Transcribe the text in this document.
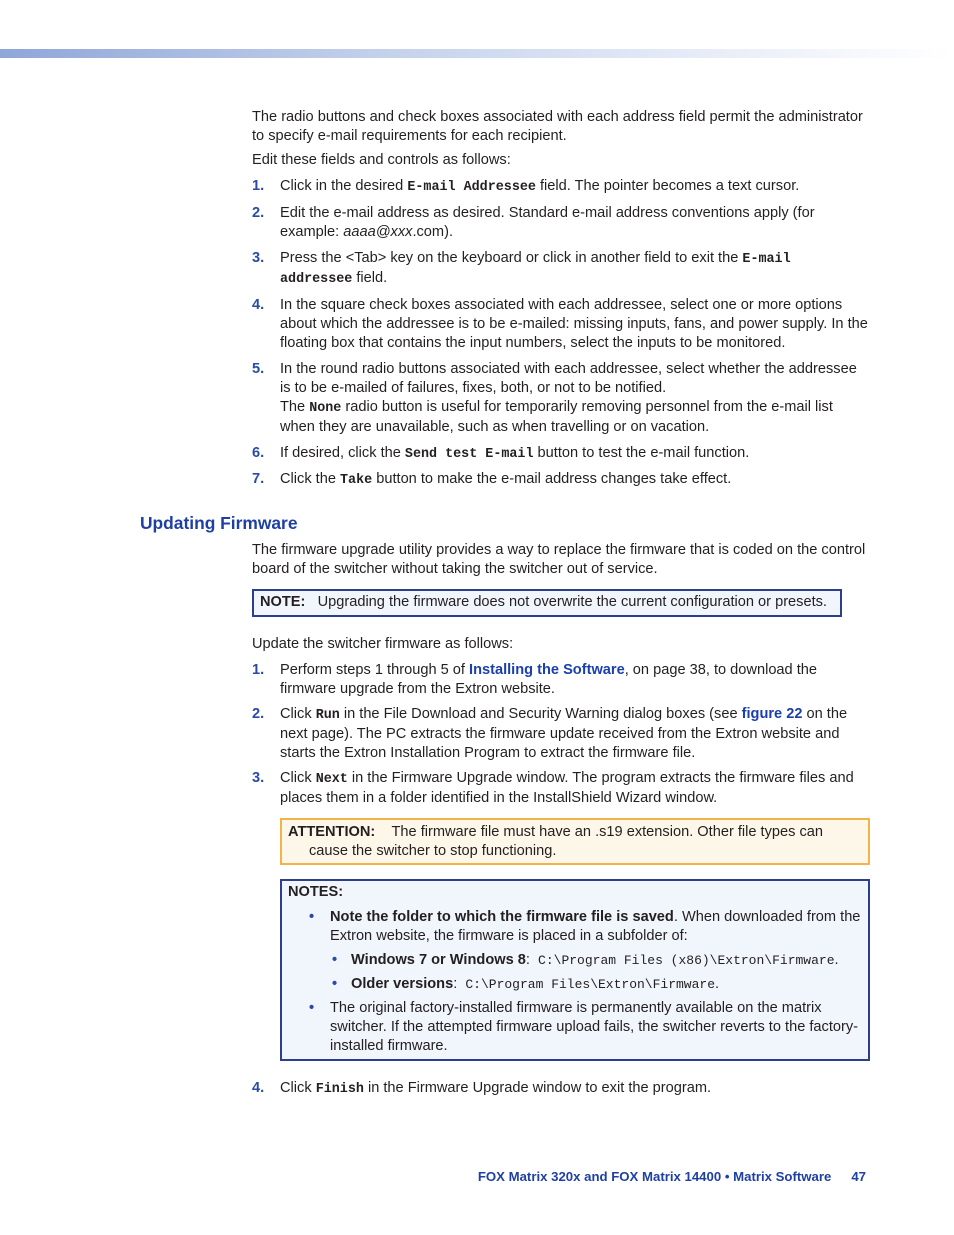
The radio buttons and check boxes associated with each address field permit the administrator to specify e-mail requirements for each recipient.

Edit these fields and controls as follows:

1. Click in the desired E-mail Addressee field. The pointer becomes a text cursor.
2. Edit the e-mail address as desired. Standard e-mail address conventions apply (for example: aaaa@xxx.com).
3. Press the <Tab> key on the keyboard or click in another field to exit the E-mail addressee field.
4. In the square check boxes associated with each addressee, select one or more options about which the addressee is to be e-mailed: missing inputs, fans, and power supply. In the floating box that contains the input numbers, select the inputs to be monitored.
5. In the round radio buttons associated with each addressee, select whether the addressee is to be e-mailed of failures, fixes, both, or not to be notified.
The None radio button is useful for temporarily removing personnel from the e-mail list when they are unavailable, such as when travelling or on vacation.
6. If desired, click the Send test E-mail button to test the e-mail function.
7. Click the Take button to make the e-mail address changes take effect.
Updating Firmware

The firmware upgrade utility provides a way to replace the firmware that is coded on the control board of the switcher without taking the switcher out of service.

NOTE: Upgrading the firmware does not overwrite the current configuration or presets.

Update the switcher firmware as follows:

1. Perform steps 1 through 5 of Installing the Software, on page 38, to download the firmware upgrade from the Extron website.
2. Click Run in the File Download and Security Warning dialog boxes (see figure 22 on the next page). The PC extracts the firmware update received from the Extron website and starts the Extron Installation Program to extract the firmware file.
3. Click Next in the Firmware Upgrade window. The program extracts the firmware files and places them in a folder identified in the InstallShield Wizard window.
ATTENTION: The firmware file must have an .s19 extension. Other file types can cause the switcher to stop functioning.
NOTES:
• Note the folder to which the firmware file is saved. When downloaded from the Extron website, the firmware is placed in a subfolder of:
• Windows 7 or Windows 8:  C:\Program Files (x86)\Extron\Firmware.
• Older versions:  C:\Program Files\Extron\Firmware.
• The original factory-installed firmware is permanently available on the matrix switcher. If the attempted firmware upload fails, the switcher reverts to the factory-installed firmware.
4. Click Finish in the Firmware Upgrade window to exit the program.
FOX Matrix 320x and FOX Matrix 14400 • Matrix Software 47
